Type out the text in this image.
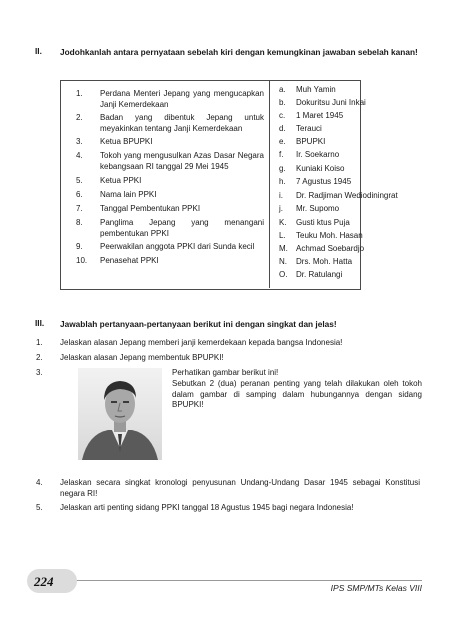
II. Jodohkanlah antara pernyataan sebelah kiri dengan kemungkinan jawaban sebelah kanan!
1. Perdana Menteri Jepang yang mengucapkan Janji Kemerdekaan
2. Badan yang dibentuk Jepang untuk meyakinkan tentang Janji Kemerdekaan
3. Ketua BPUPKI
4. Tokoh yang mengusulkan Azas Dasar Negara kebangsaan RI tanggal 29 Mei 1945
5. Ketua PPKI
6. Nama lain PPKI
7. Tanggal Pembentukan PPKI
8. Panglima Jepang yang menangani pembentukan PPKI
9. Peerwakilan anggota PPKI dari Sunda kecil
10. Penasehat PPKI
a. Muh Yamin
b. Dokuritsu Juni Inkai
c. 1 Maret 1945
d. Terauci
e. BPUPKI
f. Ir. Soekarno
g. Kuniaki Koiso
h. 7 Agustus 1945
i. Dr. Radjiman Wediodiningrat
j. Mr. Supomo
K. Gusti ktus Puja
L. Teuku Moh. Hasan
M. Achmad Soebardjo
N. Drs. Moh. Hatta
O. Dr. Ratulangi
III. Jawablah pertanyaan-pertanyaan berikut ini dengan singkat dan jelas!
1. Jelaskan alasan Jepang memberi janji kemerdekaan kepada bangsa Indonesia!
2. Jelaskan alasan Jepang membentuk BPUPKI!
3.	Perhatikan gambar berikut ini!
Sebutkan 2 (dua) peranan penting yang telah dilakukan oleh tokoh dalam gambar di samping dalam hubungannya dengan sidang BPUPKI!
4. Jelaskan secara singkat kronologi penyusunan Undang-Undang Dasar 1945 sebagai Konstitusi negara RI!
5. Jelaskan arti penting sidang PPKI tanggal 18 Agustus 1945 bagi negara Indonesia!
224	IPS SMP/MTs Kelas VIII
